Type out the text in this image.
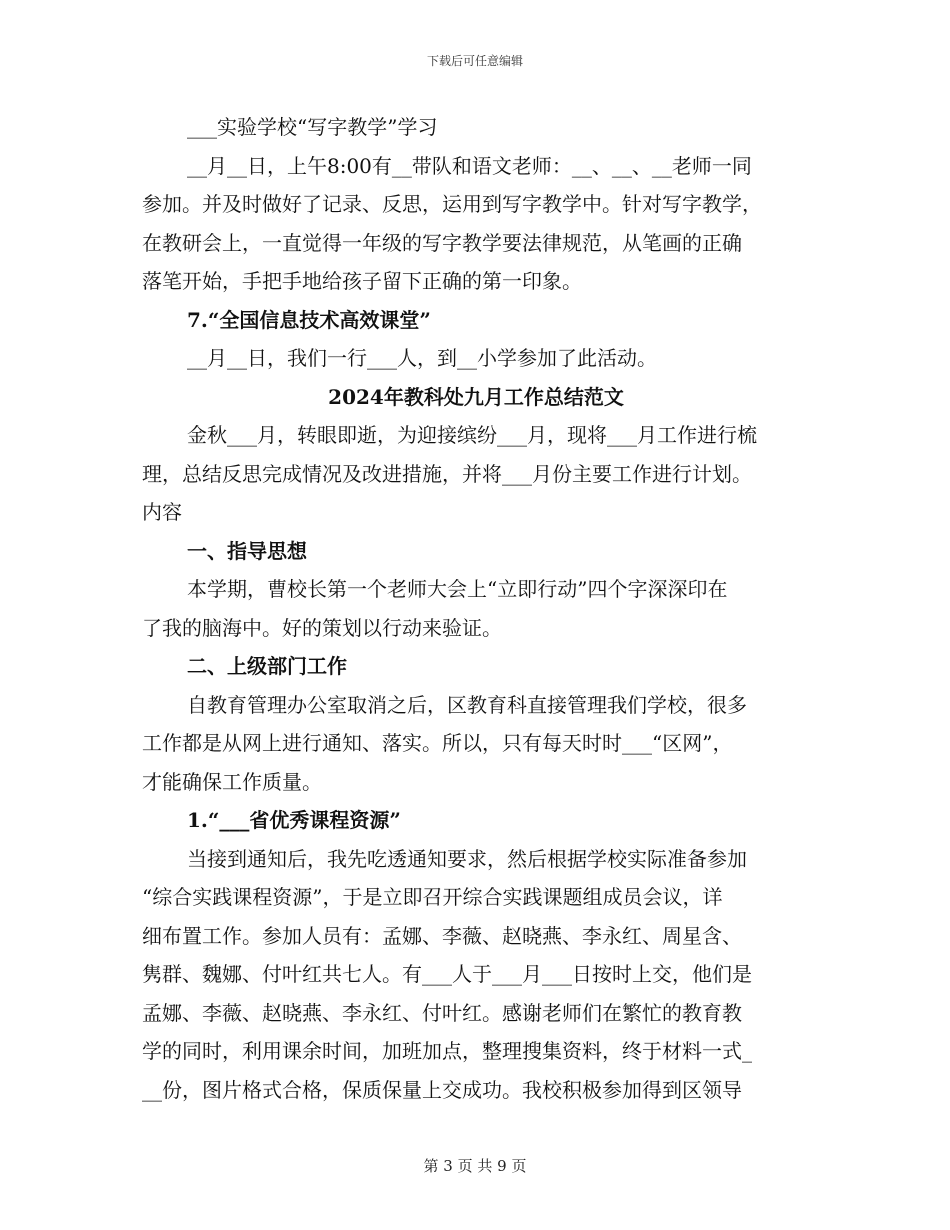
下载后可任意编辑
___实验学校“写字教学”学习
__月__日，上午8:00有__带队和语文老师：__、__、__老师一同
参加。并及时做好了记录、反思，运用到写字教学中。针对写字教学，
在教研会上，一直觉得一年级的写字教学要法律规范，从笔画的正确
落笔开始，手把手地给孩子留下正确的第一印象。
7.“全国信息技术高效课堂”
__月__日，我们一行___人，到__小学参加了此活动。
2024年教科处九月工作总结范文
金秋___月，转眼即逝，为迎接缤纷___月，现将___月工作进行梳
理，总结反思完成情况及改进措施，并将___月份主要工作进行计划。
内容
一、指导思想
本学期，曹校长第一个老师大会上“立即行动”四个字深深印在
了我的脑海中。好的策划以行动来验证。
二、上级部门工作
自教育管理办公室取消之后，区教育科直接管理我们学校，很多
工作都是从网上进行通知、落实。所以，只有每天时时___“区网”，
才能确保工作质量。
1.“___省优秀课程资源”
当接到通知后，我先吃透通知要求，然后根据学校实际准备参加
“综合实践课程资源”，于是立即召开综合实践课题组成员会议，详
细布置工作。参加人员有：孟娜、李薇、赵晓燕、李永红、周星含、
隽群、魏娜、付叶红共七人。有___人于___月___日按时上交，他们是
孟娜、李薇、赵晓燕、李永红、付叶红。感谢老师们在繁忙的教育教
学的同时，利用课余时间，加班加点，整理搜集资料，终于材料一式_
__份，图片格式合格，保质保量上交成功。我校积极参加得到区领导
第 3 页 共 9 页
